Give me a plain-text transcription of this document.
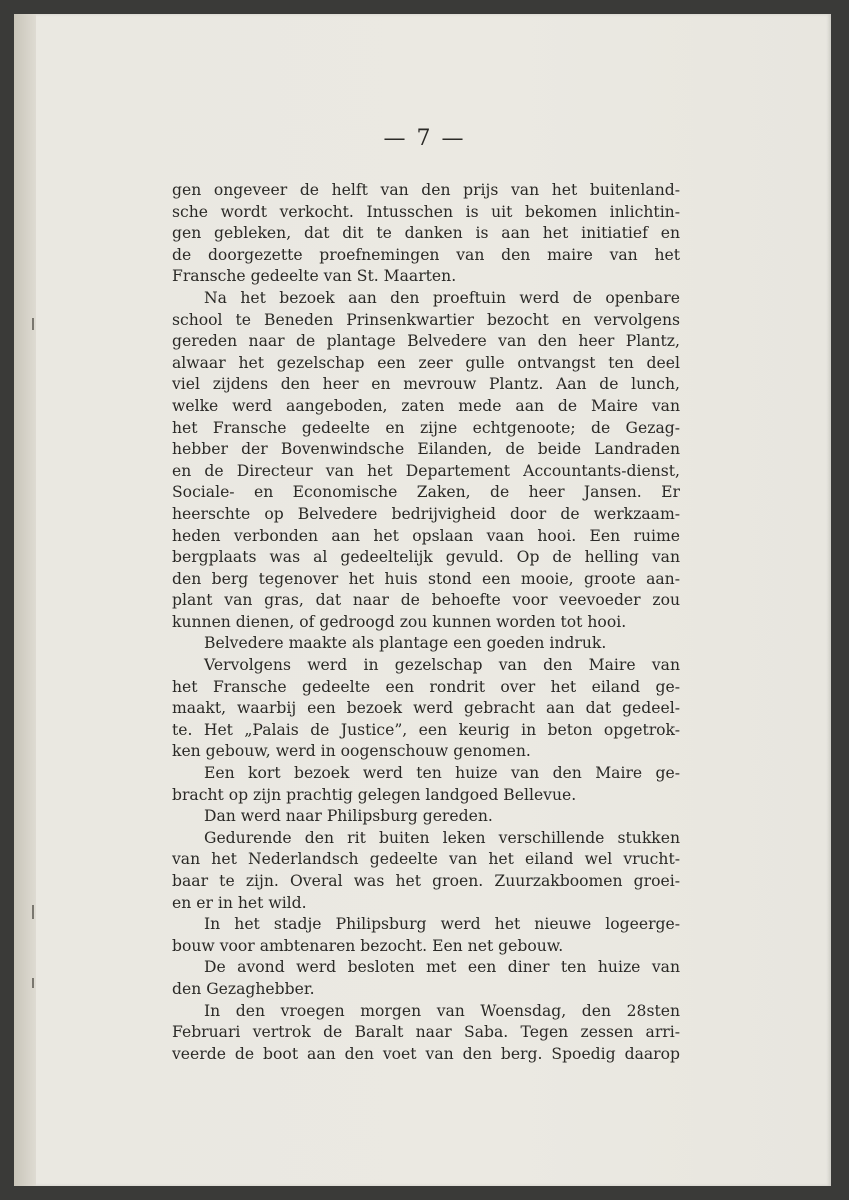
— 7 —
gen ongeveer de helft van den prijs van het buitenland-
sche wordt verkocht. Intusschen is uit bekomen inlichtin-
gen gebleken, dat dit te danken is aan het initiatief en
de doorgezette proefnemingen van den maire van het
Fransche gedeelte van St. Maarten.
Na het bezoek aan den proeftuin werd de openbare
school te Beneden Prinsenkwartier bezocht en vervolgens
gereden naar de plantage Belvedere van den heer Plantz,
alwaar het gezelschap een zeer gulle ontvangst ten deel
viel zijdens den heer en mevrouw Plantz. Aan de lunch,
welke werd aangeboden, zaten mede aan de Maire van
het Fransche gedeelte en zijne echtgenoote; de Gezag-
hebber der Bovenwindsche Eilanden, de beide Landraden
en de Directeur van het Departement Accountants-dienst,
Sociale- en Economische Zaken, de heer Jansen. Er
heerschte op Belvedere bedrijvigheid door de werkzaam-
heden verbonden aan het opslaan vaan hooi. Een ruime
bergplaats was al gedeeltelijk gevuld. Op de helling van
den berg tegenover het huis stond een mooie, groote aan-
plant van gras, dat naar de behoefte voor veevoeder zou
kunnen dienen, of gedroogd zou kunnen worden tot hooi.
Belvedere maakte als plantage een goeden indruk.
Vervolgens werd in gezelschap van den Maire van
het Fransche gedeelte een rondrit over het eiland ge-
maakt, waarbij een bezoek werd gebracht aan dat gedeel-
te. Het „Palais de Justice”, een keurig in beton opgetrok-
ken gebouw, werd in oogenschouw genomen.
Een kort bezoek werd ten huize van den Maire ge-
bracht op zijn prachtig gelegen landgoed Bellevue.
Dan werd naar Philipsburg gereden.
Gedurende den rit buiten leken verschillende stukken
van het Nederlandsch gedeelte van het eiland wel vrucht-
baar te zijn. Overal was het groen. Zuurzakboomen groei-
en er in het wild.
In het stadje Philipsburg werd het nieuwe logeerge-
bouw voor ambtenaren bezocht. Een net gebouw.
De avond werd besloten met een diner ten huize van
den Gezaghebber.
In den vroegen morgen van Woensdag, den 28sten
Februari vertrok de Baralt naar Saba. Tegen zessen arri-
veerde de boot aan den voet van den berg. Spoedig daarop
